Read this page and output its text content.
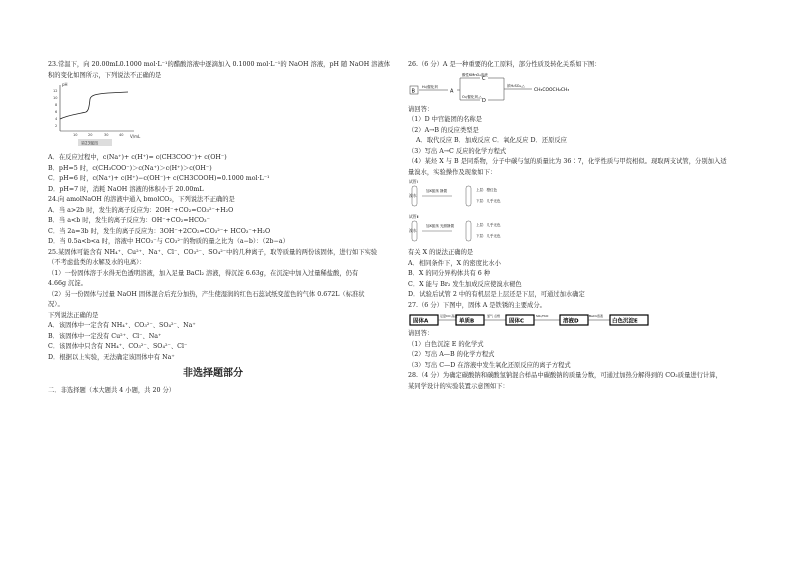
23.常温下，向 20.00mL0.1000 mol·L⁻¹的醋酸溶液中逐滴加入 0.1000 mol·L⁻¹的 NaOH 溶液，pH 随 NaOH 溶液体

积的变化如图所示，下列说法不正确的是

pH
V/mL
12
10
8
6
4
2
10	20	30	40
第23题图

A．在反应过程中，c(Na⁺)+ c(H⁺)= c(CH3COO⁻)+ c(OH⁻)

B．pH=5 时，c(CH₃COO⁻)＞c(Na⁺)＞c(H⁺)＞c(OH⁻)

C．pH=6 时，c(Na⁺)+ c(H⁺)−c(OH⁻)+ c(CH3COOH)=0.1000 mol·L⁻¹

D．pH=7 时，消耗 NaOH 溶液的体积小于 20.00mL

24.向 amolNaOH 的溶液中通入 bmolCO₂，下列说法不正确的是

A．当 a>2b 时，发生的离子反应为：2OH⁻+CO₂=CO₃²⁻+H₂O

B．当 a<b 时，发生的离子反应为：OH⁻+CO₂=HCO₃⁻

C．当 2a=3b 时，发生的离子反应为：3OH⁻+2CO₂=CO₃²⁻+ HCO₃⁻+H₂O

D．当 0.5a<b<a 时，溶液中 HCO₃⁻与 CO₃²⁻的物质的量之比为（a−b）：（2b−a）

25.某固体可能含有 NH₄⁺、Cu²⁺、Na⁺、Cl⁻、CO₃²⁻、SO₄²⁻中的几种离子，取等质量的两份该固体，进行如下实验

（不考虑盐类的水解及水的电离）：

（1）一份固体溶于水得无色透明溶液，加入足量 BaCl₂ 溶液，得沉淀 6.63g，在沉淀中加入过量稀盐酸，仍有

4.66g 沉淀。

（2）另一份固体与过量 NaOH 固体混合后充分加热，产生使湿润的红色石蕊试纸变蓝色的气体 0.672L（标准状

况）。

下列说法正确的是

A．该固体中一定含有 NH₄⁺、CO₃²⁻、SO₄²⁻、Na⁺

B．该固体中一定没有 Cu²⁺、Cl⁻、Na⁺

C．该固体中只含有 NH₄⁺、CO₃²⁻、SO₄²⁻、Cl⁻

D．根据以上实验，无法确定该固体中有 Na⁺

非选择题部分

二．非选择题（本大题共 4 小题，共 20 分）

26.（6 分）A 是一种重要的化工原料，部分性质及转化关系如下图：

B
H₂/催化剂
A
酸性KMnO₄溶液
O₂/催化剂,△
C
D
浓H₂SO₄,△
CH₃COOCH₂CH₃

请回答：

（1）D 中官能团的名称是

（2）A→B 的反应类型是

A．取代反应 B．加成反应 C．氧化反应 D．还原反应

（3）写出 A→C 反应的化学方程式

（4）某烃 X 与 B 是同系物，分子中碳与氢的质量比为 36∶7，化学性质与甲烷相似。现取两支试管，分别加入适

量溴水，实验操作及现象如下：

试管Ⅰ
溴水
加X振荡 静置	上层：橙红色
下层：几乎无色
试管Ⅱ
溴水
加X振荡 光照静置	上层：几乎无色
下层：几乎无色

有关 X 的说法正确的是

A．相同条件下，X 的密度比水小

B．X 的同分异构体共有 6 种

C．X 能与 Br₂ 发生加成反应使溴水褪色

D．试验后试管 2 中的有机层是上层还是下层，可通过加水确定

27.（6 分）下图中，固体 A 是铁锈的主要成分。

固体A
足量CO 高温
单质B
氯气 点燃
固体C
SO₂/H₂O
溶液D
BaCl₂溶液
白色沉淀E

请回答：

（1）白色沉淀 E 的化学式

（2）写出 A—B 的化学方程式

（3）写出 C—D 在溶液中发生氧化还原反应的离子方程式

28.（4 分）为确定碳酸钠和碳酸氢钠混合样品中碳酸钠的质量分数，可通过加热分解得到的 CO₂质量进行计算，

某同学设计的实验装置示意图如下：
